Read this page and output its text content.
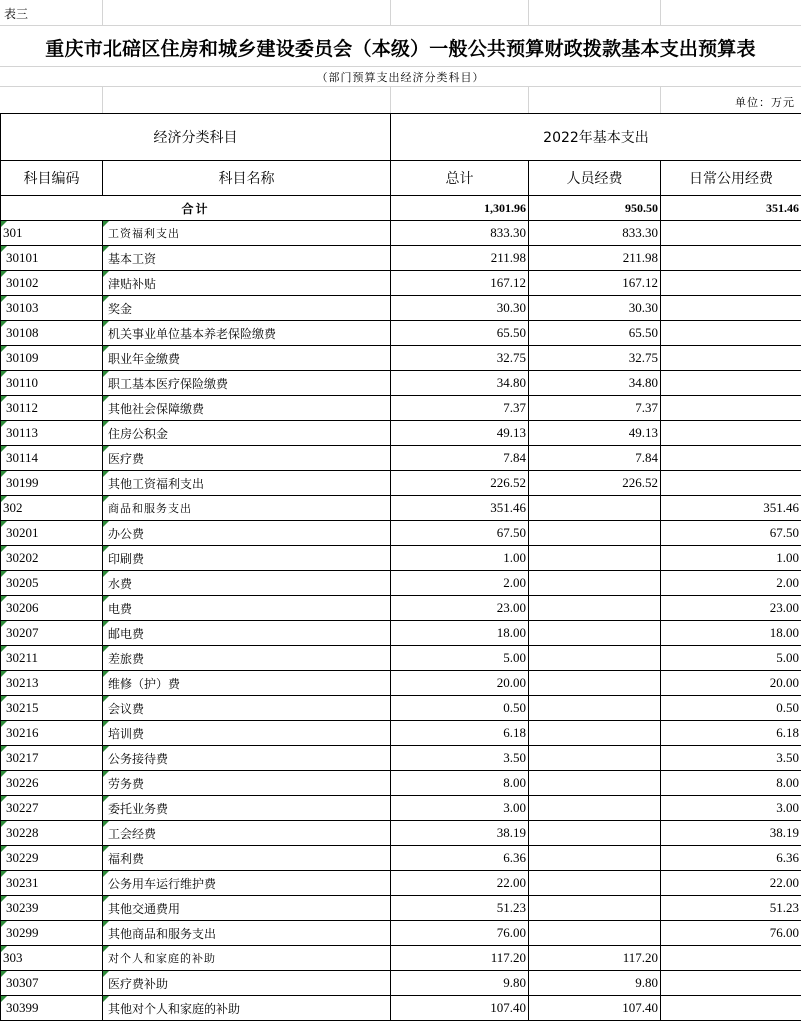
表三
重庆市北碚区住房和城乡建设委员会（本级）一般公共预算财政拨款基本支出预算表
（部门预算支出经济分类科目）
单位：万元
经济分类科目		2022年基本支出		
科目编码	科目名称	总计	人员经费	日常公用经费
合计		1,301.96	950.50	351.46
301	工资福利支出	833.30	833.30	
30101	基本工资	211.98	211.98	
30102	津贴补贴	167.12	167.12	
30103	奖金	30.30	30.30	
30108	机关事业单位基本养老保险缴费	65.50	65.50	
30109	职业年金缴费	32.75	32.75	
30110	职工基本医疗保险缴费	34.80	34.80	
30112	其他社会保障缴费	7.37	7.37	
30113	住房公积金	49.13	49.13	
30114	医疗费	7.84	7.84	
30199	其他工资福利支出	226.52	226.52	
302	商品和服务支出	351.46		351.46
30201	办公费	67.50		67.50
30202	印刷费	1.00		1.00
30205	水费	2.00		2.00
30206	电费	23.00		23.00
30207	邮电费	18.00		18.00
30211	差旅费	5.00		5.00
30213	维修（护）费	20.00		20.00
30215	会议费	0.50		0.50
30216	培训费	6.18		6.18
30217	公务接待费	3.50		3.50
30226	劳务费	8.00		8.00
30227	委托业务费	3.00		3.00
30228	工会经费	38.19		38.19
30229	福利费	6.36		6.36
30231	公务用车运行维护费	22.00		22.00
30239	其他交通费用	51.23		51.23
30299	其他商品和服务支出	76.00		76.00
303	对个人和家庭的补助	117.20	117.20	
30307	医疗费补助	9.80	9.80	
30399	其他对个人和家庭的补助	107.40	107.40	
